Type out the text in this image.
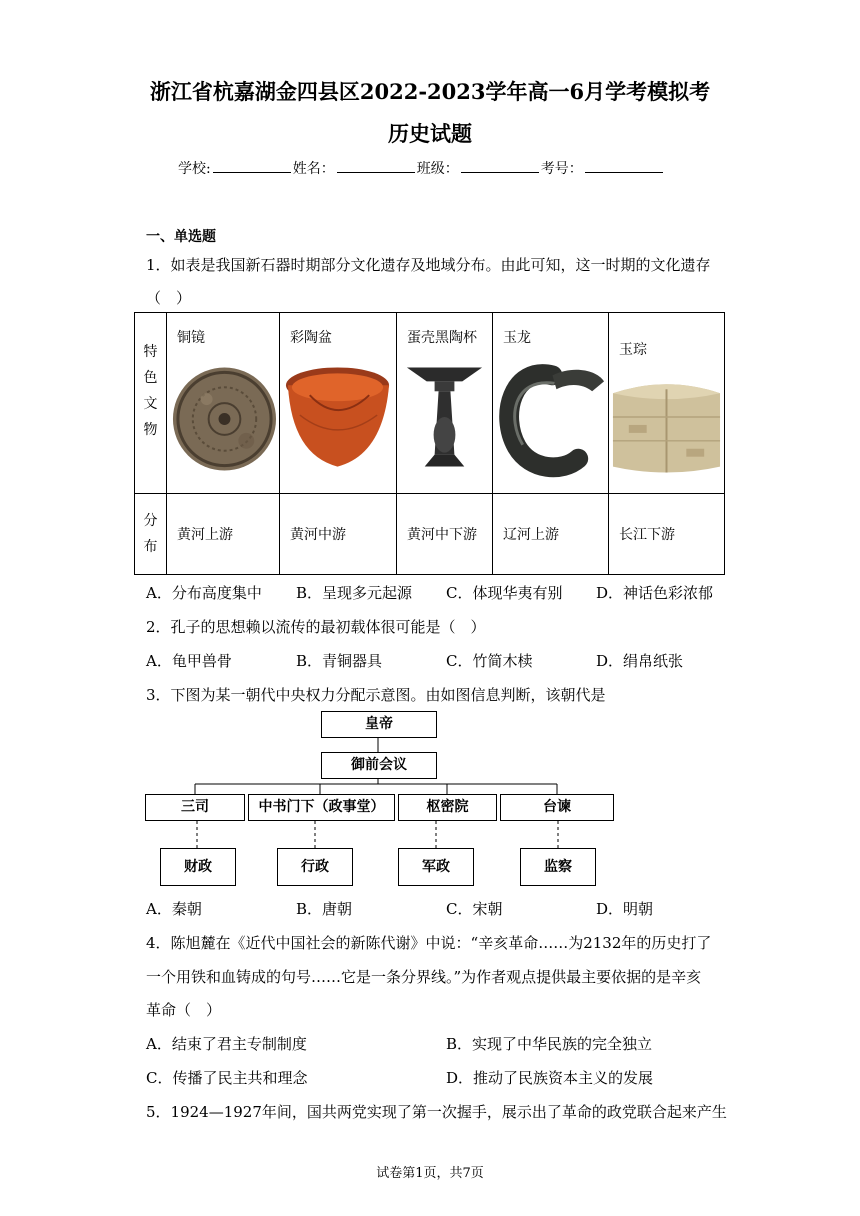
浙江省杭嘉湖金四县区2022-2023学年高一6月学考模拟考
历史试题
学校:	姓名：	班级：	考号：
一、单选题
1．如表是我国新石器时期部分文化遗存及地域分布。由此可知，这一时期的文化遗存
（　）
特
色
文
物	铜镜	彩陶盆	蛋壳黑陶杯	玉龙	玉琮

分
布	黄河上游	黄河中游	黄河中下游	辽河上游	长江下游
A．分布高度集中 B．呈现多元起源 C．体现华夷有别 D．神话色彩浓郁
2．孔子的思想赖以流传的最初载体很可能是（　）
A．龟甲兽骨	B．青铜器具	C．竹简木椟	D．绢帛纸张
3．下图为某一朝代中央权力分配示意图。由如图信息判断，该朝代是
皇帝
御前会议
三司	中书门下（政事堂）	枢密院	台谏
财政	行政	军政	监察
A．秦朝	B．唐朝	C．宋朝	D．明朝
4．陈旭麓在《近代中国社会的新陈代谢》中说：“辛亥革命……为2132年的历史打了
一个用铁和血铸成的句号……它是一条分界线。”为作者观点提供最主要依据的是辛亥
革命（　）
A．结束了君主专制制度	B．实现了中华民族的完全独立
C．传播了民主共和理念	D．推动了民族资本主义的发展
5．1924—1927年间，国共两党实现了第一次握手，展示出了革命的政党联合起来产生
试卷第1页，共7页
